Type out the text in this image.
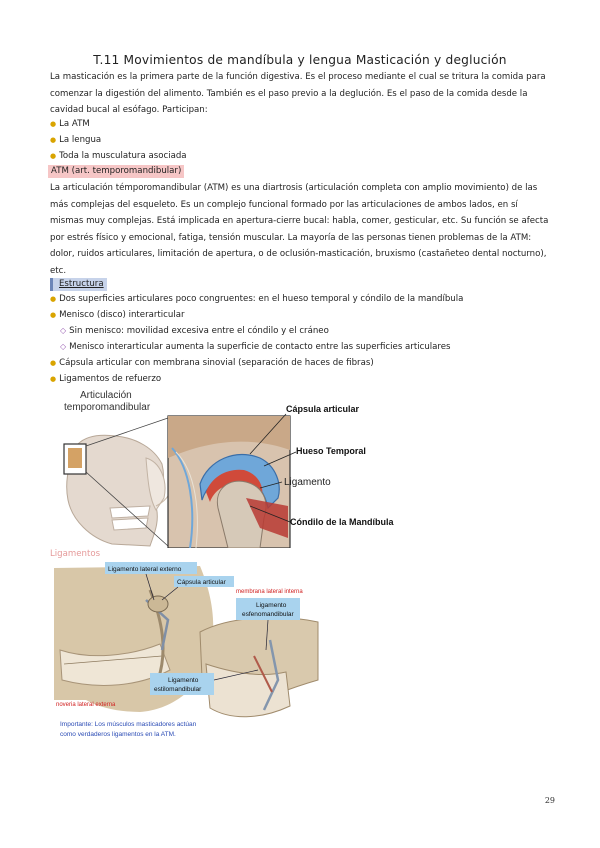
T.11 Movimientos de mandíbula y lengua Masticación y deglución
La masticación es la primera parte de la función digestiva. Es el proceso mediante el cual se tritura la comida para comenzar la digestión del alimento. También es el paso previo a la deglución. Es el paso de la comida desde la cavidad bucal al esófago. Participan:
● La ATM
● La lengua
● Toda la musculatura asociada
ATM (art. temporomandibular)
La articulación témporomandibular (ATM) es una diartrosis (articulación completa con amplio movimiento) de las más complejas del esqueleto. Es un complejo funcional formado por las articulaciones de ambos lados, en sí mismas muy complejas. Está implicada en apertura-cierre bucal: habla, comer, gesticular, etc. Su función se afecta por estrés físico y emocional, fatiga, tensión muscular. La mayoría de las personas tienen problemas de la ATM: dolor, ruidos articulares, limitación de apertura, o de oclusión-masticación, bruxismo (castañeteo dental nocturno), etc.
Estructura
● Dos superficies articulares poco congruentes: en el hueso temporal y cóndilo de la mandíbula
● Menisco (disco) interarticular
◇ Sin menisco: movilidad excesiva entre el cóndilo y el cráneo
◇ Menisco interarticular aumenta la superficie de contacto entre las superficies articulares
● Cápsula articular con membrana sinovial (separación de haces de fibras)
● Ligamentos de refuerzo
Articulación
temporomandibular	Cápsula articular
Hueso Temporal
Ligamento
Cóndilo de la Mandíbula
Ligamentos
Ligamento lateral externo
Cápsula articular
membrana lateral interna
Ligamento
esfenomandibular
Ligamento
estilomandibular
noveria lateral externa
Importante: Los músculos masticadores actúan
como verdaderos ligamentos en la ATM.
29
